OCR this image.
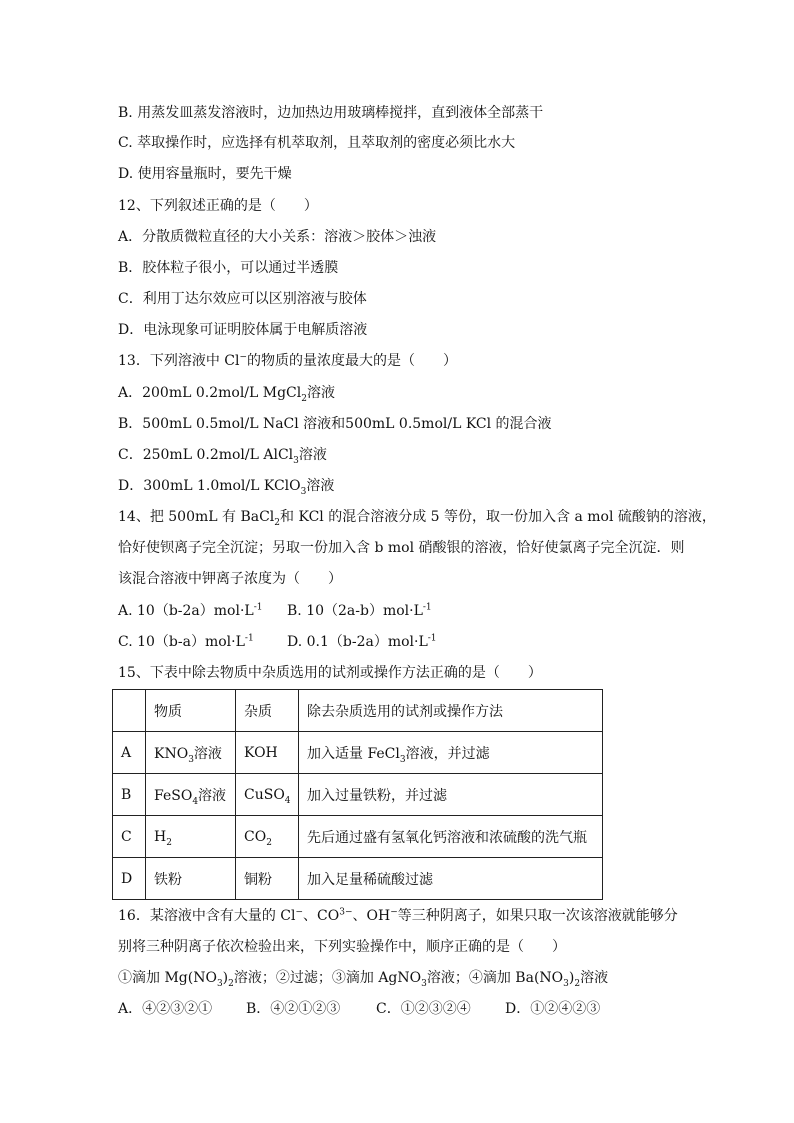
B. 用蒸发皿蒸发溶液时，边加热边用玻璃棒搅拌，直到液体全部蒸干
C. 萃取操作时，应选择有机萃取剂，且萃取剂的密度必须比水大
D. 使用容量瓶时，要先干燥
12、下列叙述正确的是（　　）
A．分散质微粒直径的大小关系：溶液＞胶体＞浊液
B．胶体粒子很小，可以通过半透膜
C．利用丁达尔效应可以区别溶液与胶体
D．电泳现象可证明胶体属于电解质溶液
13．下列溶液中 Cl−的物质的量浓度最大的是（　　）
A．200mL 0.2mol/L MgCl$_2$溶液
B．500mL 0.5mol/L NaCl 溶液和500mL 0.5mol/L KCl 的混合液
C．250mL 0.2mol/L AlCl$_3$溶液
D．300mL 1.0mol/L KClO$_3$溶液
14、把 500mL 有 BaCl$_2$和 KCl 的混合溶液分成 5 等份，取一份加入含 a mol 硫酸钠的溶液，
恰好使钡离子完全沉淀；另取一份加入含 b mol 硝酸银的溶液，恰好使氯离子完全沉淀．则
该混合溶液中钾离子浓度为（　　）
A. $10(b-2a)mol\cdot L^{-1}$ B. $10(2a-b)mol\cdot L^{-1}$
C. $10(b-a)mol\cdot L^{-1}$ D. $0.1(b-2a)mol\cdot L^{-1}$
15、下表中除去物质中杂质选用的试剂或操作方法正确的是（　　）
	物质	杂质	除去杂质选用的试剂或操作方法
A	$KNO_3$溶液	KOH	加入适量 FeCl$_3$溶液，并过滤
B	FeSO$_4$溶液	CuSO$_4$	加入过量铁粉，并过滤
C	$H_2$	$CO_2$	先后通过盛有氢氧化钙溶液和浓硫酸的洗气瓶
D	铁粉	铜粉	加入足量稀硫酸过滤
16．某溶液中含有大量的 Cl−、$CO^{3-}$、OH−等三种阴离子，如果只取一次该溶液就能够分
别将三种阴离子依次检验出来，下列实验操作中，顺序正确的是（　　）
①滴加 $Mg(NO_3)_2$溶液；②过滤；③滴加 AgNO$_3$溶液；④滴加 $Ba(NO_3)_2$溶液
A．④②③②① B．④②①②③	C．①②③②④ D．①②④②③
